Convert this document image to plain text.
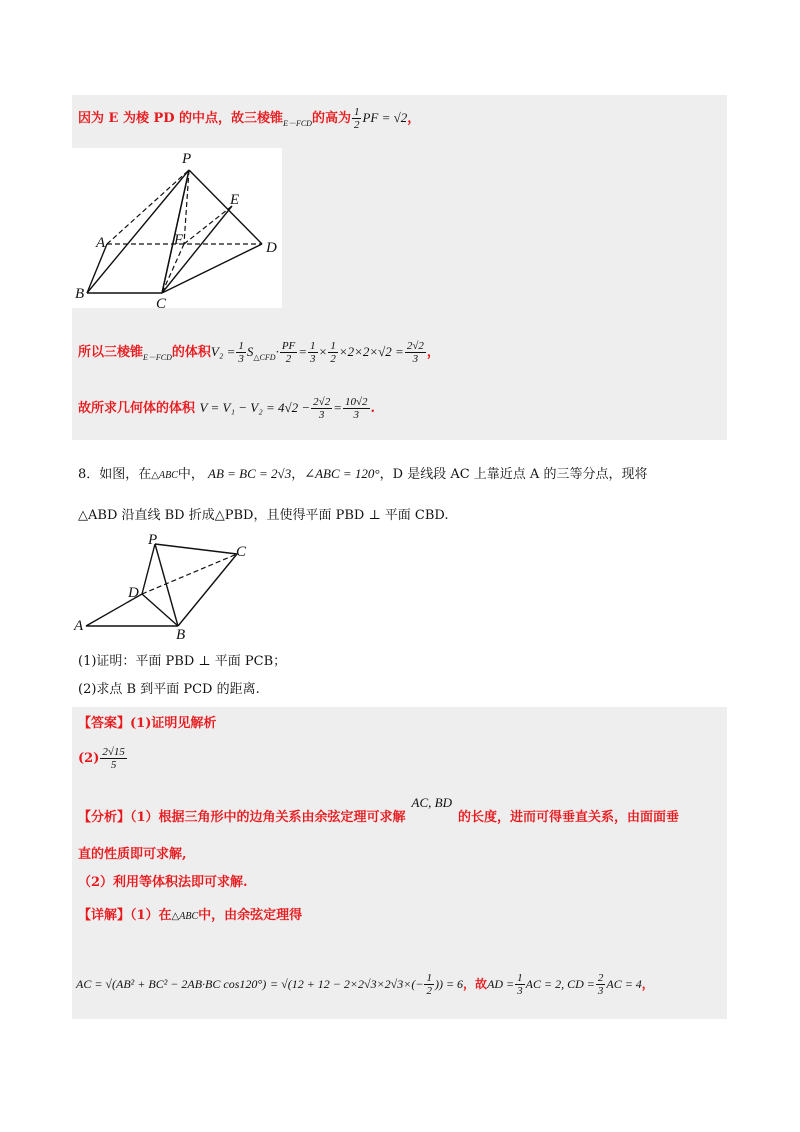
因为 E 为棱 PD 的中点，故三棱锥$_{E-FCD}$的高为 $\frac{1}{2}$ PF = √2，
P
E
A	F	D
B
C
所以三棱锥$_{E-FCD}$的体积$V_2 = \frac{1}{3} S_{\triangle CFD}\cdot \frac{PF}{2} = \frac{1}{3} \times \frac{1}{2} \times 2\times 2\times√2 = \frac{2√2}{3}$ ，
故所求几何体的体积 $V = V_1 - V_2 = 4√2 - \frac{2√2}{3} = \frac{10√2}{3}$ .
8．如图，在△ABC中， AB = BC = 2√3，∠ABC = 120°，D 是线段 AC 上靠近点 A 的三等分点，现将
△ABD 沿直线 BD 折成△PBD，且使得平面 PBD ⊥ 平面 CBD.
P
C
D
A
B
(1)证明：平面 PBD ⊥ 平面 PCB；
(2)求点 B 到平面 PCD 的距离.
【答案】(1)证明见解析
$(2) \frac{2√15}{5}$
【分析】（1）根据三角形中的边角关系由余弦定理可求解AC, BD的长度，进而可得垂直关系，由面面垂
直的性质即可求解,
（2）利用等体积法即可求解.
【详解】（1）在△ABC中，由余弦定理得
AC = √(AB² + BC² − 2AB·BC $\cos 120^\circ) = √(12 + 12 - 2\times 2√3\times 2√3\times(- \frac{1}{2}$ )) = 6，故AD = $\frac{1}{3}$ AC = 2, CD = $\frac{2}{3}$ AC = 4，
